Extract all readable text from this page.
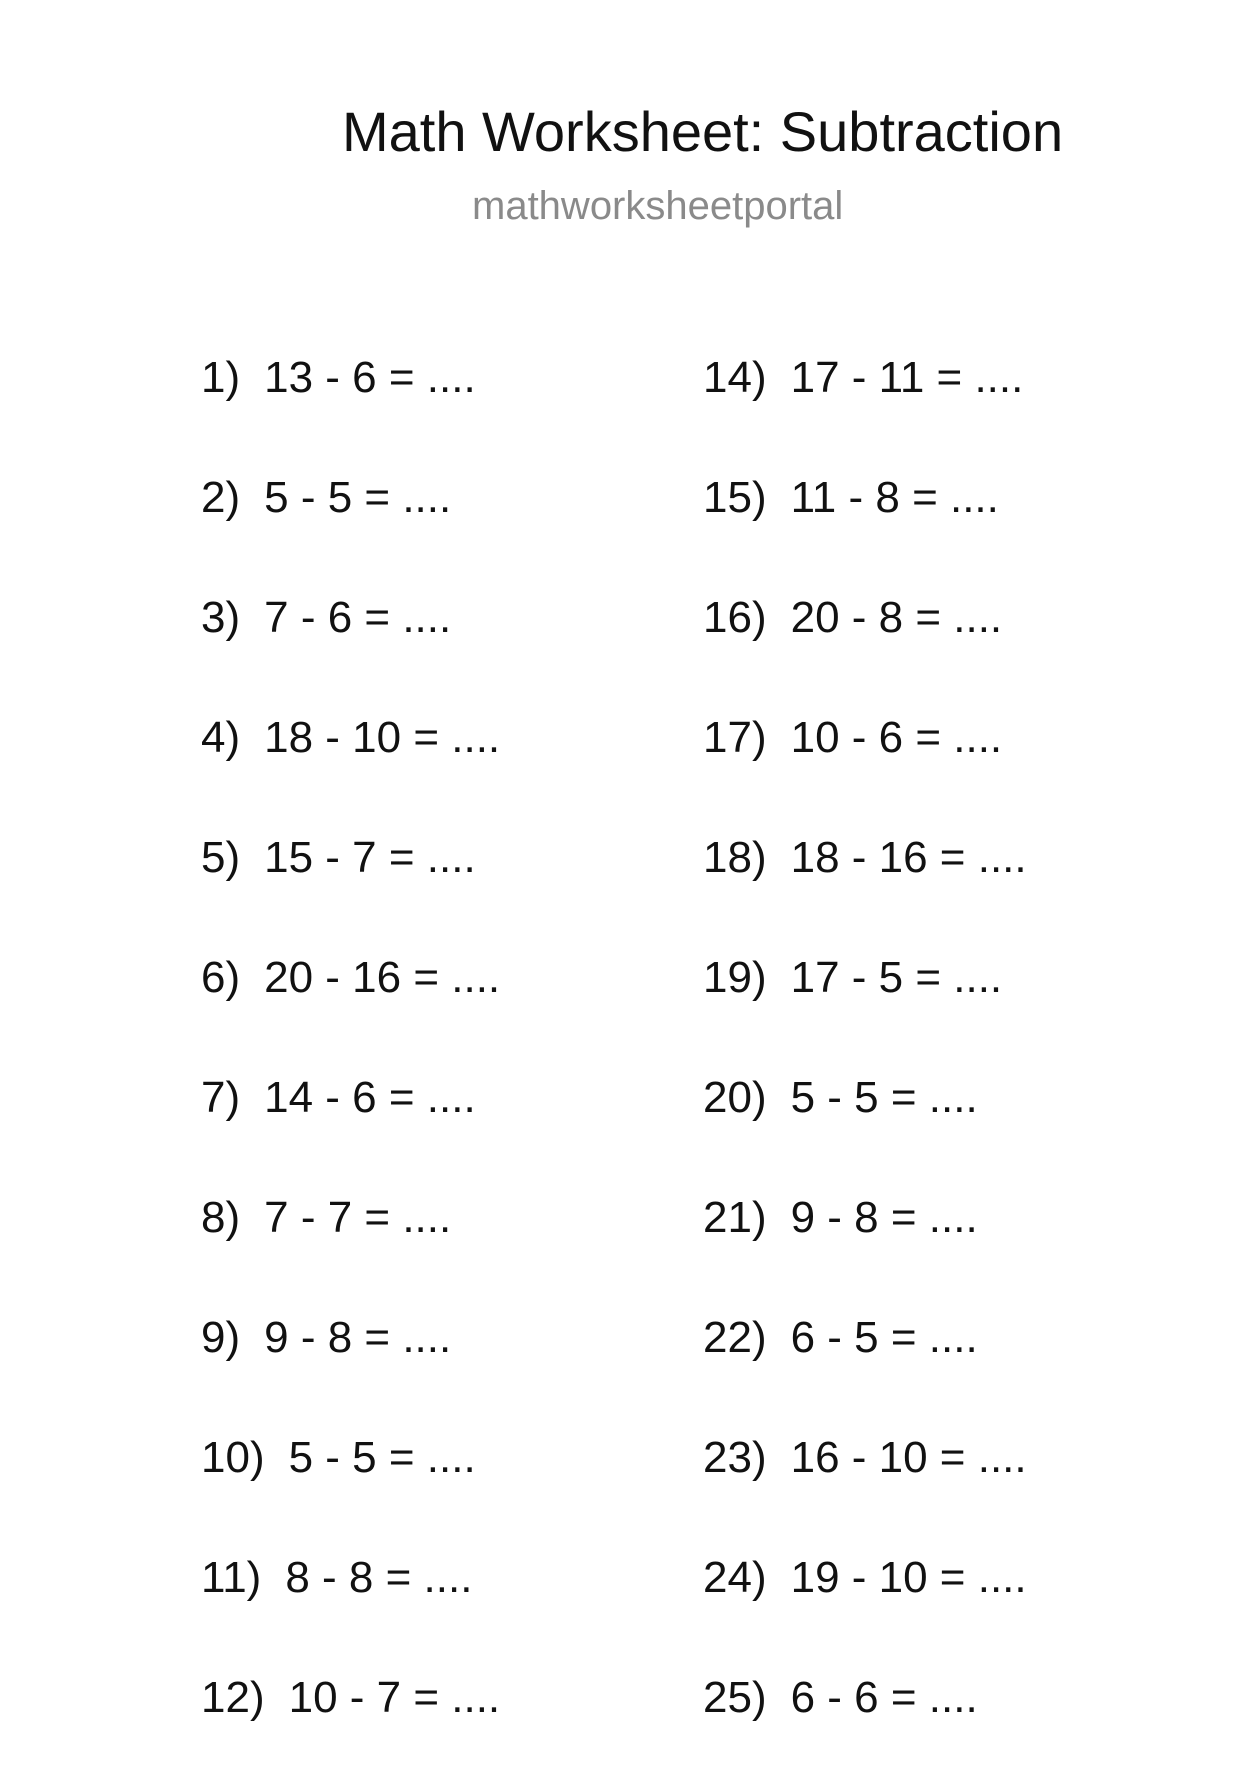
Math Worksheet: Subtraction
mathworksheetportal
1) 13 - 6 = ....
2) 5 - 5 = ....
3) 7 - 6 = ....
4) 18 - 10 = ....
5) 15 - 7 = ....
6) 20 - 16 = ....
7) 14 - 6 = ....
8) 7 - 7 = ....
9) 9 - 8 = ....
10) 5 - 5 = ....
11) 8 - 8 = ....
12) 10 - 7 = ....
14) 17 - 11 = ....
15) 11 - 8 = ....
16) 20 - 8 = ....
17) 10 - 6 = ....
18) 18 - 16 = ....
19) 17 - 5 = ....
20) 5 - 5 = ....
21) 9 - 8 = ....
22) 6 - 5 = ....
23) 16 - 10 = ....
24) 19 - 10 = ....
25) 6 - 6 = ....
